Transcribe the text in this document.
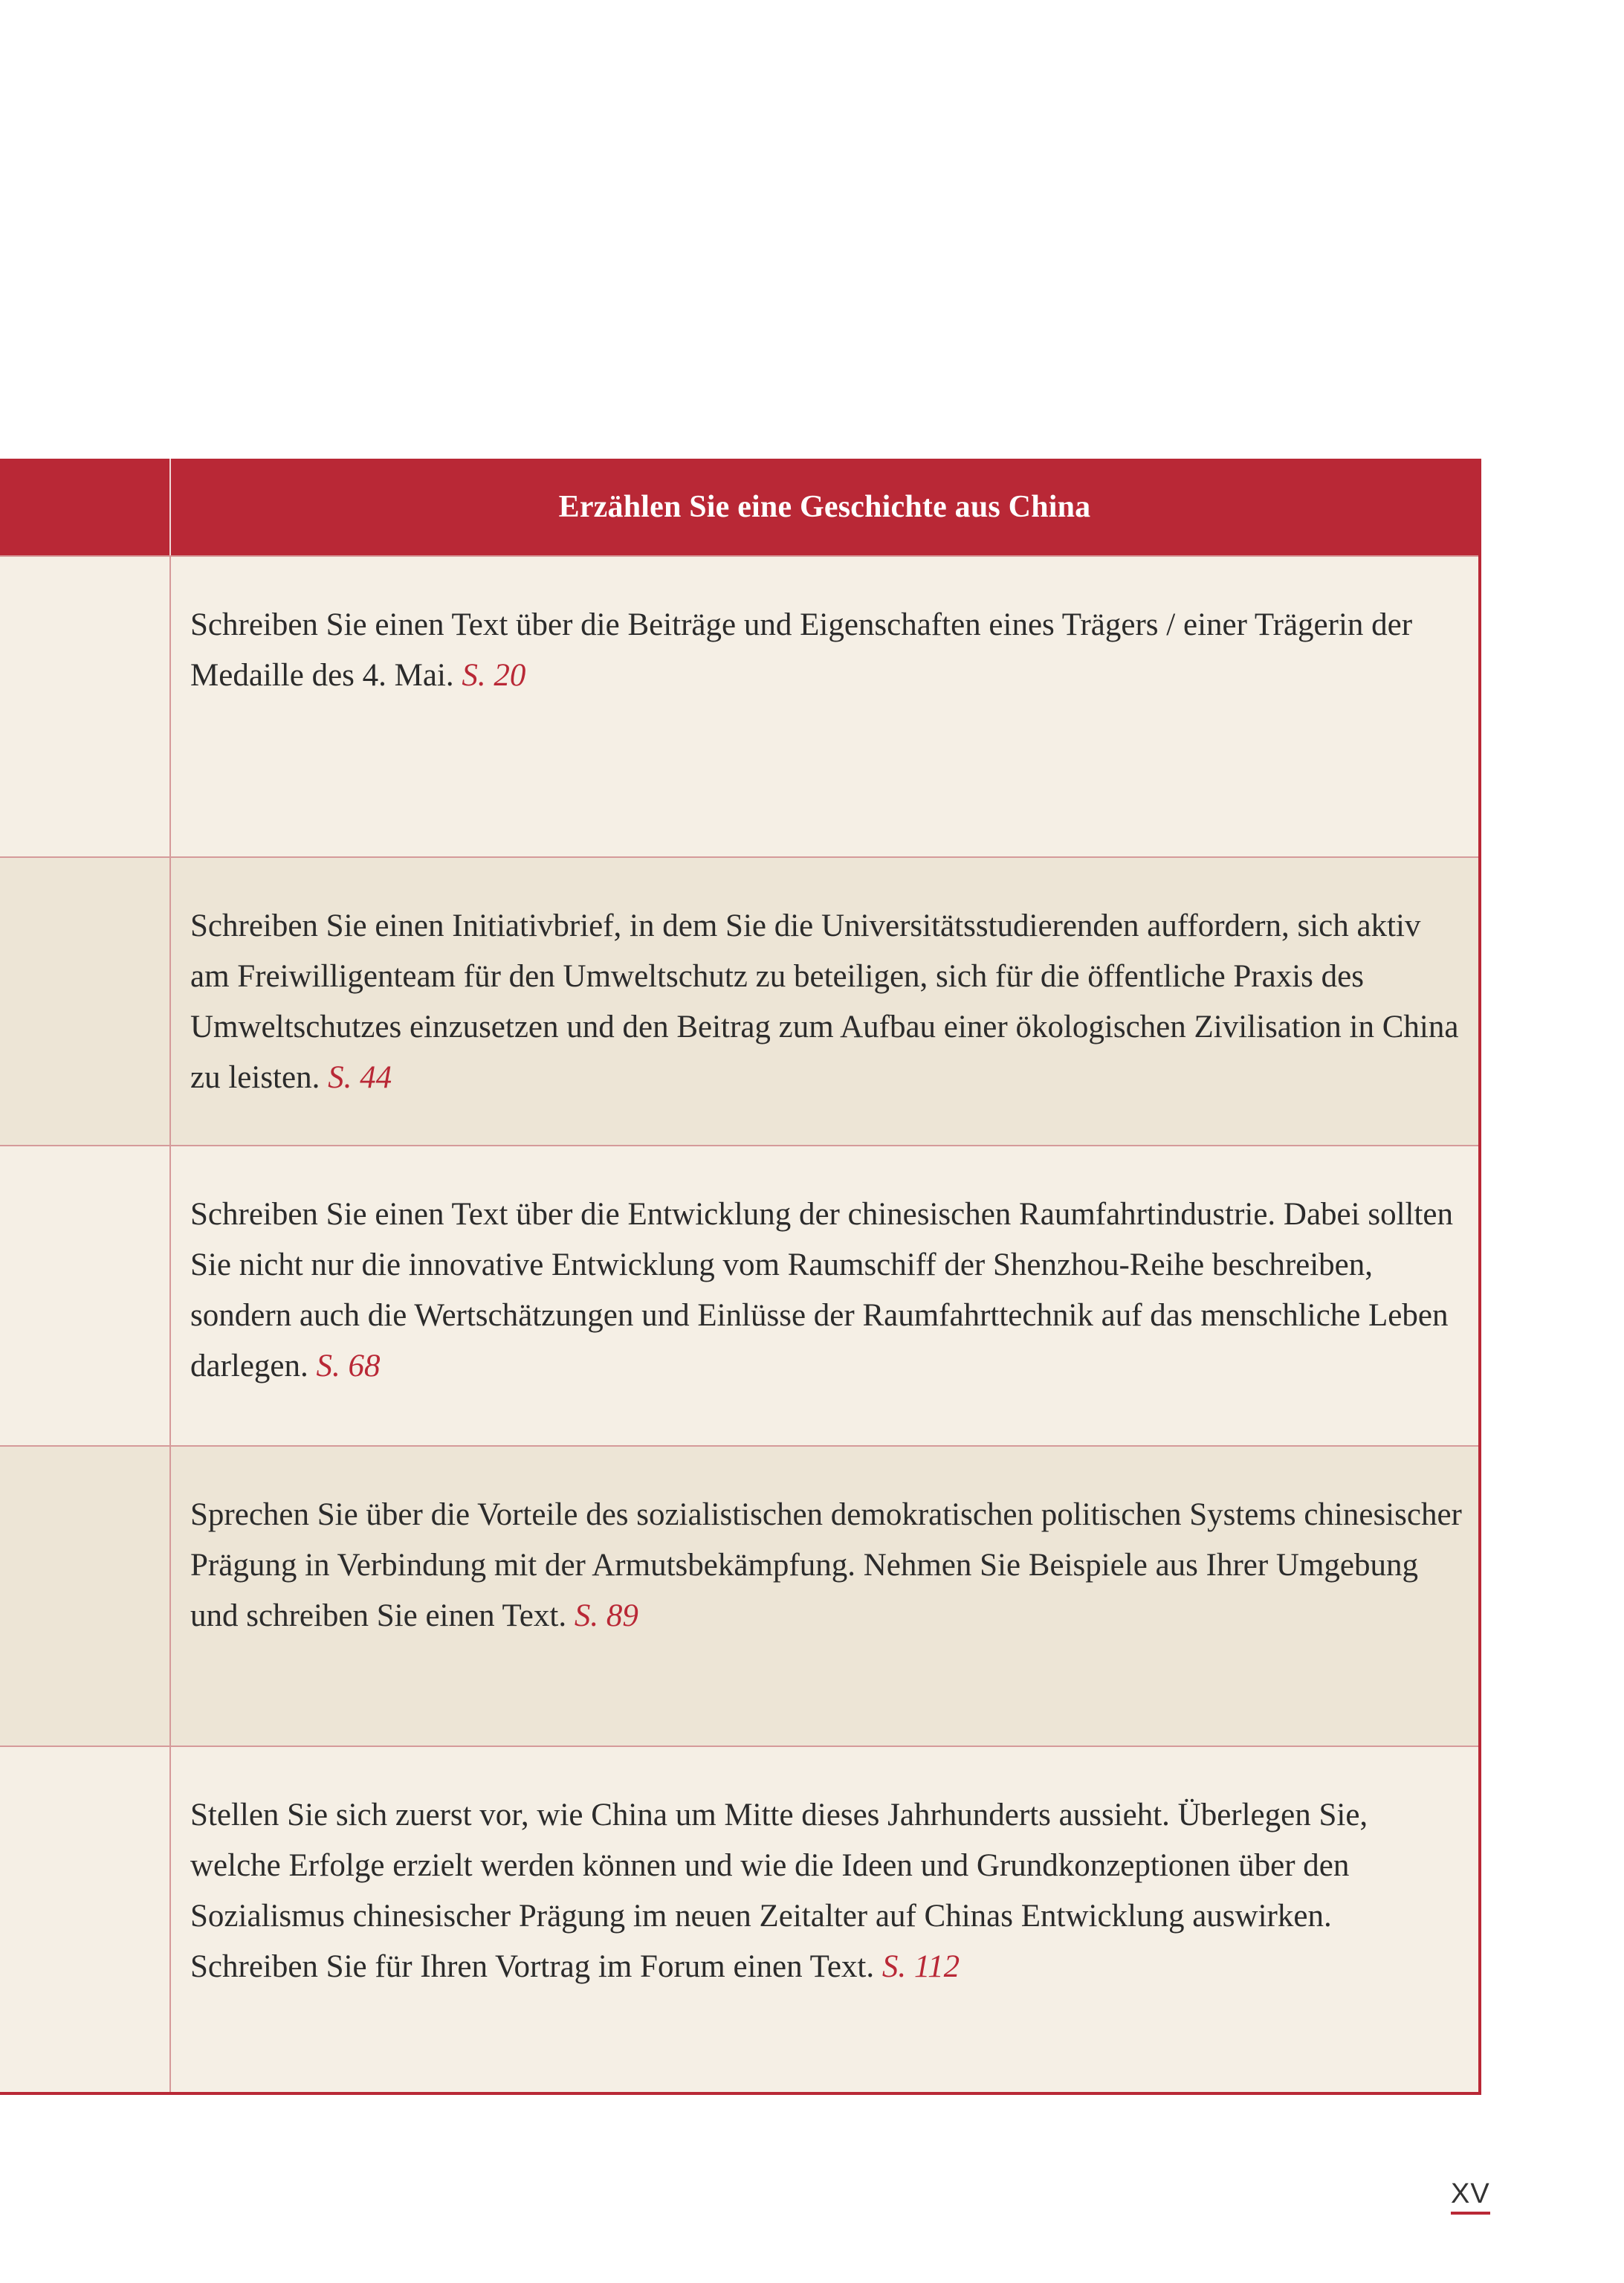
Erzählen Sie eine Geschichte aus China
Schreiben Sie einen Text über die Beiträge und Eigenschaften eines Trägers / einer Trägerin der Medaille des 4. Mai. S. 20
Schreiben Sie einen Initiativbrief, in dem Sie die Universitätsstudierenden auffordern, sich aktiv am Freiwilligenteam für den Umweltschutz zu beteiligen, sich für die öffentliche Praxis des Umweltschutzes einzusetzen und den Beitrag zum Aufbau einer ökologischen Zivilisation in China zu leisten. S. 44
Schreiben Sie einen Text über die Entwicklung der chinesischen Raumfahrtindustrie. Dabei sollten Sie nicht nur die innovative Entwicklung vom Raumschiff der Shenzhou-Reihe beschreiben, sondern auch die Wertschätzungen und Einlüsse der Raumfahrttechnik auf das menschliche Leben darlegen. S. 68
Sprechen Sie über die Vorteile des sozialistischen demokratischen politischen Systems chinesischer Prägung in Verbindung mit der Armutsbekämpfung. Nehmen Sie Beispiele aus Ihrer Umgebung und schreiben Sie einen Text. S. 89
Stellen Sie sich zuerst vor, wie China um Mitte dieses Jahrhunderts aussieht. Überlegen Sie, welche Erfolge erzielt werden können und wie die Ideen und Grundkonzeptionen über den Sozialismus chinesischer Prägung im neuen Zeitalter auf Chinas Entwicklung auswirken. Schreiben Sie für Ihren Vortrag im Forum einen Text. S. 112
XV
